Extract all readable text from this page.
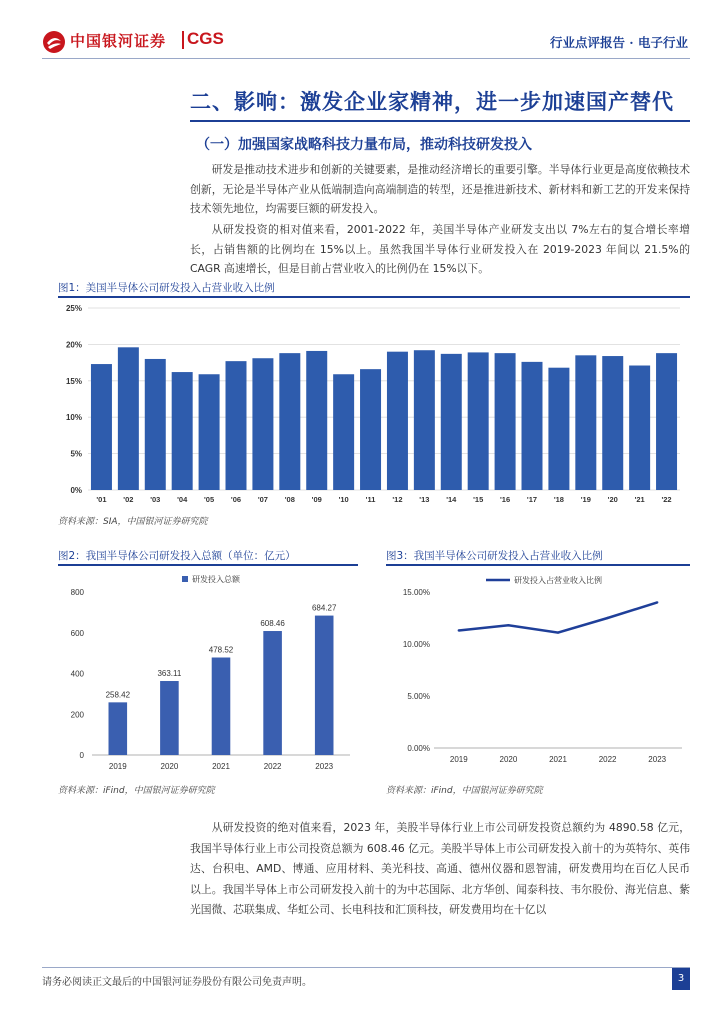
中国银河证券 CGS	行业点评报告 · 电子行业
二、影响：激发企业家精神，进一步加速国产替代
（一）加强国家战略科技力量布局，推动科技研发投入
研发是推动技术进步和创新的关键要素，是推动经济增长的重要引擎。半导体行业更是高度依赖技术创新，无论是半导体产业从低端制造向高端制造的转型，还是推进新技术、新材料和新工艺的开发来保持技术领先地位，均需要巨额的研发投入。
从研发投资的相对值来看，2001-2022 年，美国半导体产业研发支出以 7%左右的复合增长率增长，占销售额的比例均在 15%以上。虽然我国半导体行业研发投入在 2019-2023 年间以 21.5%的 CAGR 高速增长，但是目前占营业收入的比例仍在 15%以下。
图1：美国半导体公司研发投入占营业收入比例
0%
5%
10%
15%
20%
25%
'01 '02 '03 '04 '05 '06 '07 '08 '09 '10 '11 '12 '13 '14 '15 '16 '17 '18 '19 '20 '21 '22
R&D Expenditures Percent of Sales
资料来源：SIA，中国银河证券研究院
图2：我国半导体公司研发投入总额（单位：亿元）
研发投入总额
0
200
400
600
800
258.42
2019
363.11
2020
478.52
2021
608.46
2022
684.27
2023
资料来源：iFind，中国银河证券研究院
图3：我国半导体公司研发投入占营业收入比例
研发投入占营业收入比例
0.00%
5.00%
10.00%
15.00%
2019	2020	2021	2022	2023
资料来源：iFind，中国银河证券研究院
从研发投资的绝对值来看，2023 年，美股半导体行业上市公司研发投资总额约为 4890.58 亿元，我国半导体行业上市公司投资总额为 608.46 亿元。美股半导体上市公司研发投入前十的为英特尔、英伟达、台积电、AMD、博通、应用材料、美光科技、高通、德州仪器和恩智浦，研发费用均在百亿人民币以上。我国半导体上市公司研发投入前十的为中芯国际、北方华创、闻泰科技、韦尔股份、海光信息、紫光国微、芯联集成、华虹公司、长电科技和汇顶科技，研发费用均在十亿以
请务必阅读正文最后的中国银河证券股份有限公司免责声明。	3
